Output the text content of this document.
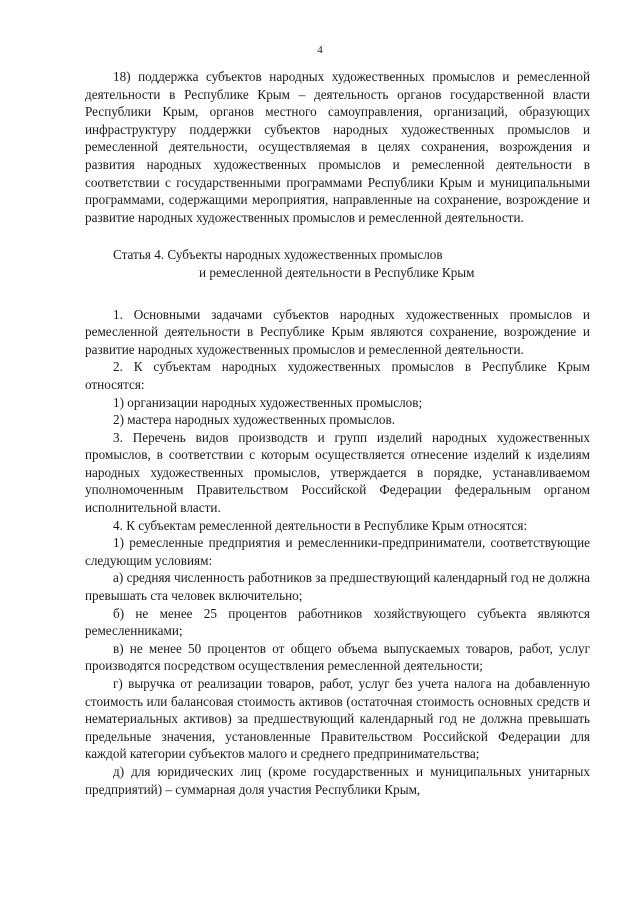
4

18) поддержка субъектов народных художественных промыслов и ремесленной деятельности в Республике Крым – деятельность органов государственной власти Республики Крым, органов местного самоуправления, организаций, образующих инфраструктуру поддержки субъектов народных художественных промыслов и ремесленной деятельности, осуществляемая в целях сохранения, возрождения и развития народных художественных промыслов и ремесленной деятельности в соответствии с государственными программами Республики Крым и муниципальными программами, содержащими мероприятия, направленные на сохранение, возрождение и развитие народных художественных промыслов и ремесленной деятельности.

Статья 4. Субъекты народных художественных промыслов
и ремесленной деятельности в Республике Крым

1. Основными задачами субъектов народных художественных промыслов и ремесленной деятельности в Республике Крым являются сохранение, возрождение и развитие народных художественных промыслов и ремесленной деятельности.

2. К субъектам народных художественных промыслов в Республике Крым относятся:

1) организации народных художественных промыслов;

2) мастера народных художественных промыслов.

3. Перечень видов производств и групп изделий народных художественных промыслов, в соответствии с которым осуществляется отнесение изделий к изделиям народных художественных промыслов, утверждается в порядке, устанавливаемом уполномоченным Правительством Российской Федерации федеральным органом исполнительной власти.

4. К субъектам ремесленной деятельности в Республике Крым относятся:

1) ремесленные предприятия и ремесленники-предприниматели, соответствующие следующим условиям:

а) средняя численность работников за предшествующий календарный год не должна превышать ста человек включительно;

б) не менее 25 процентов работников хозяйствующего субъекта являются ремесленниками;

в) не менее 50 процентов от общего объема выпускаемых товаров, работ, услуг производятся посредством осуществления ремесленной деятельности;

г) выручка от реализации товаров, работ, услуг без учета налога на добавленную стоимость или балансовая стоимость активов (остаточная стоимость основных средств и нематериальных активов) за предшествующий календарный год не должна превышать предельные значения, установленные Правительством Российской Федерации для каждой категории субъектов малого и среднего предпринимательства;

д) для юридических лиц (кроме государственных и муниципальных унитарных предприятий) – суммарная доля участия Республики Крым,
